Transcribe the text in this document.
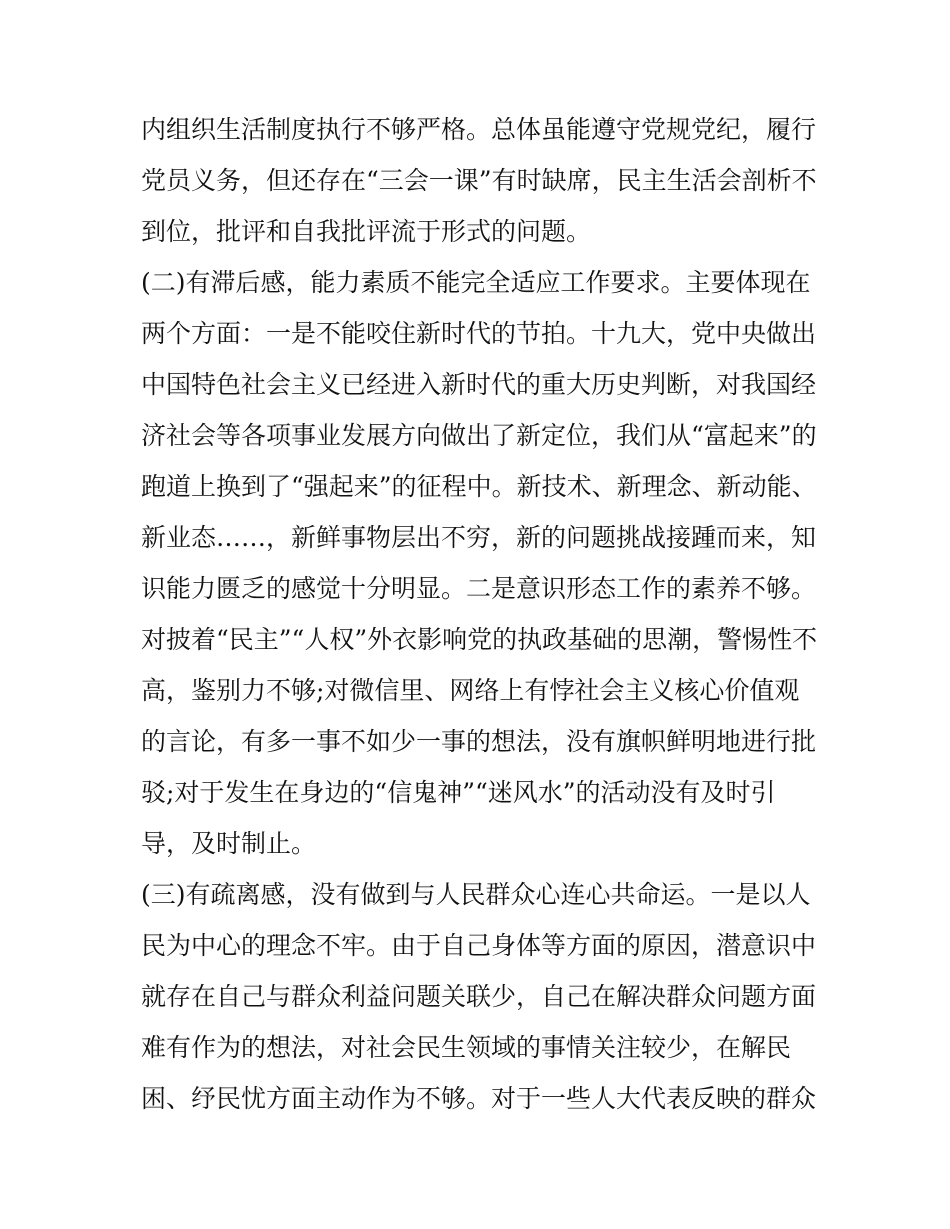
内组织生活制度执行不够严格。总体虽能遵守党规党纪，履行
党员义务，但还存在“三会一课”有时缺席，民主生活会剖析不
到位，批评和自我批评流于形式的问题。
(二)有滞后感，能力素质不能完全适应工作要求。主要体现在
两个方面：一是不能咬住新时代的节拍。十九大，党中央做出
中国特色社会主义已经进入新时代的重大历史判断，对我国经
济社会等各项事业发展方向做出了新定位，我们从“富起来”的
跑道上换到了“强起来”的征程中。新技术、新理念、新动能、
新业态……，新鲜事物层出不穷，新的问题挑战接踵而来，知
识能力匮乏的感觉十分明显。二是意识形态工作的素养不够。
对披着“民主”“人权”外衣影响党的执政基础的思潮，警惕性不
高，鉴别力不够;对微信里、网络上有悖社会主义核心价值观
的言论，有多一事不如少一事的想法，没有旗帜鲜明地进行批
驳;对于发生在身边的“信鬼神”“迷风水”的活动没有及时引
导，及时制止。
(三)有疏离感，没有做到与人民群众心连心共命运。一是以人
民为中心的理念不牢。由于自己身体等方面的原因，潜意识中
就存在自己与群众利益问题关联少，自己在解决群众问题方面
难有作为的想法，对社会民生领域的事情关注较少，在解民
困、纾民忧方面主动作为不够。对于一些人大代表反映的群众
